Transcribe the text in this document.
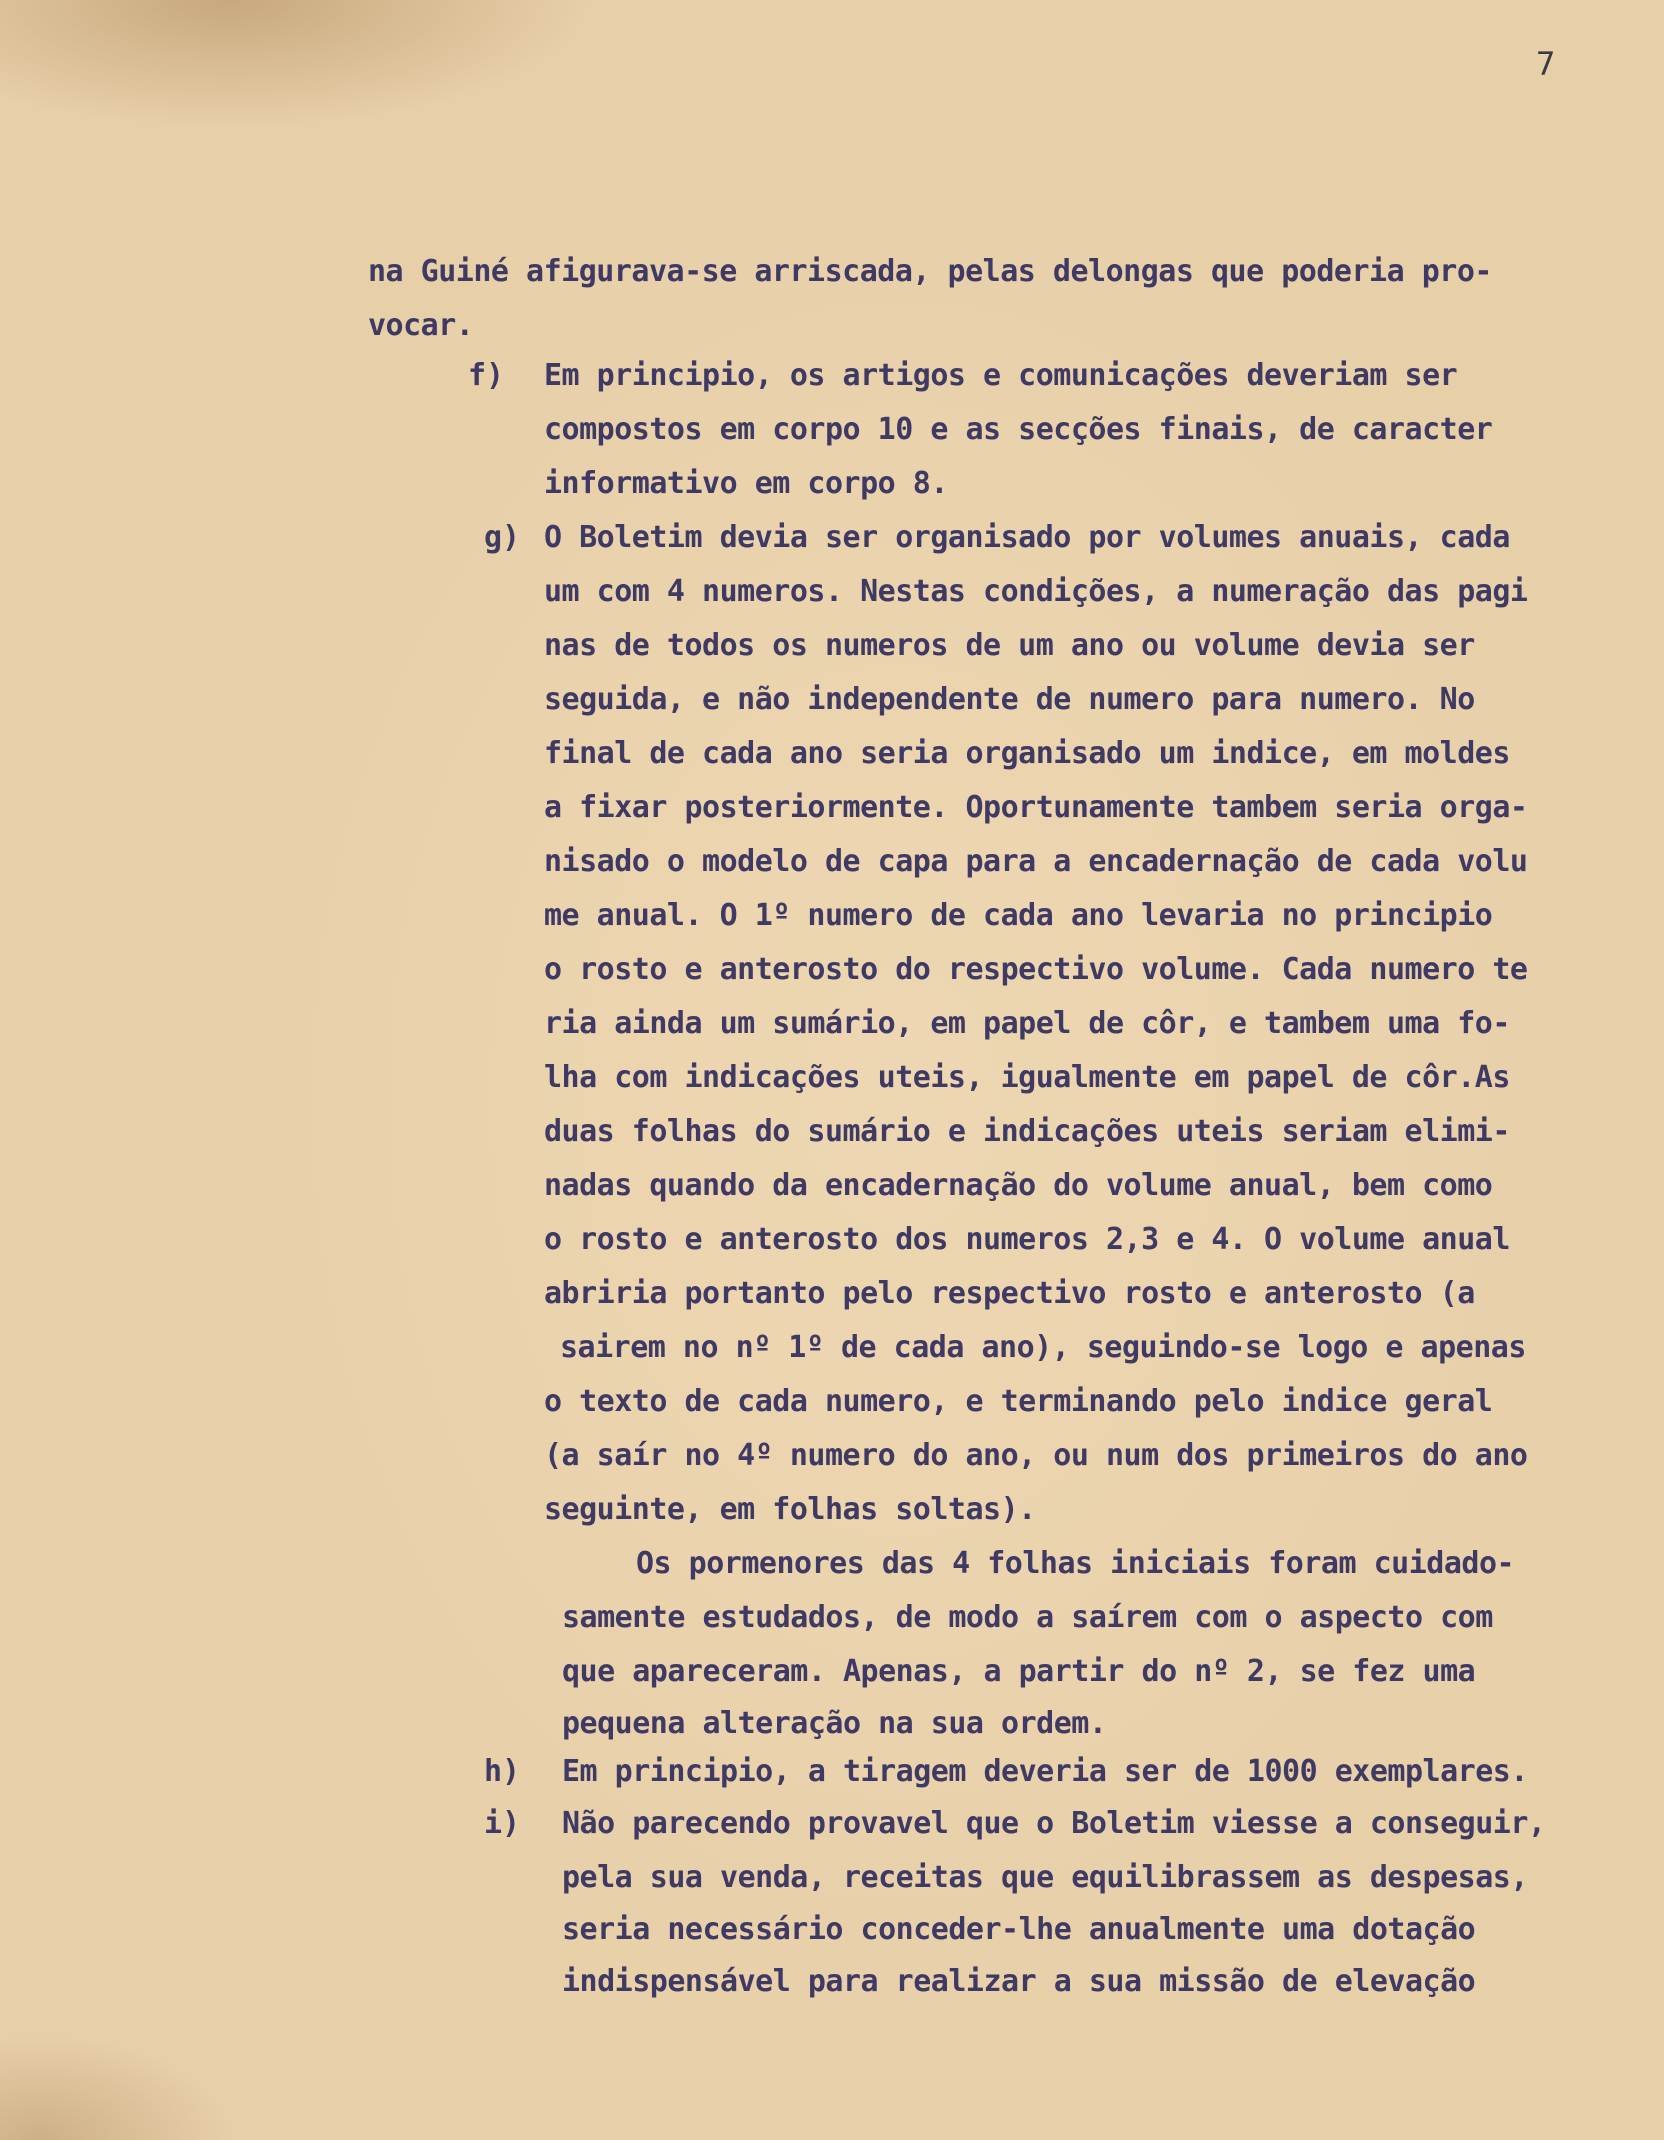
7
f)
g)
h)
i)
na Guiné afigurava-se arriscada, pelas delongas que poderia pro-
vocar.
Em principio, os artigos e comunicações deveriam ser
compostos em corpo 10 e as secções finais, de caracter
informativo em corpo 8.
O Boletim devia ser organisado por volumes anuais, cada
um com 4 numeros. Nestas condições, a numeração das pagi
nas de todos os numeros de um ano ou volume devia ser
seguida, e não independente de numero para numero. No
final de cada ano seria organisado um indice, em moldes
a fixar posteriormente. Oportunamente tambem seria orga-
nisado o modelo de capa para a encadernação de cada volu
me anual. O 1º numero de cada ano levaria no principio
o rosto e anterosto do respectivo volume. Cada numero te
ria ainda um sumário, em papel de côr, e tambem uma fo-
lha com indicações uteis, igualmente em papel de côr.As
duas folhas do sumário e indicações uteis seriam elimi-
nadas quando da encadernação do volume anual, bem como
o rosto e anterosto dos numeros 2,3 e 4. O volume anual
abriria portanto pelo respectivo rosto e anterosto (a
sairem no nº 1º de cada ano), seguindo-se logo e apenas
o texto de cada numero, e terminando pelo indice geral
(a saír no 4º numero do ano, ou num dos primeiros do ano
seguinte, em folhas soltas).
Os pormenores das 4 folhas iniciais foram cuidado-
samente estudados, de modo a saírem com o aspecto com
que apareceram. Apenas, a partir do nº 2, se fez uma
pequena alteração na sua ordem.
Em principio, a tiragem deveria ser de 1000 exemplares.
Não parecendo provavel que o Boletim viesse a conseguir,
pela sua venda, receitas que equilibrassem as despesas,
seria necessário conceder-lhe anualmente uma dotação
indispensável para realizar a sua missão de elevação
